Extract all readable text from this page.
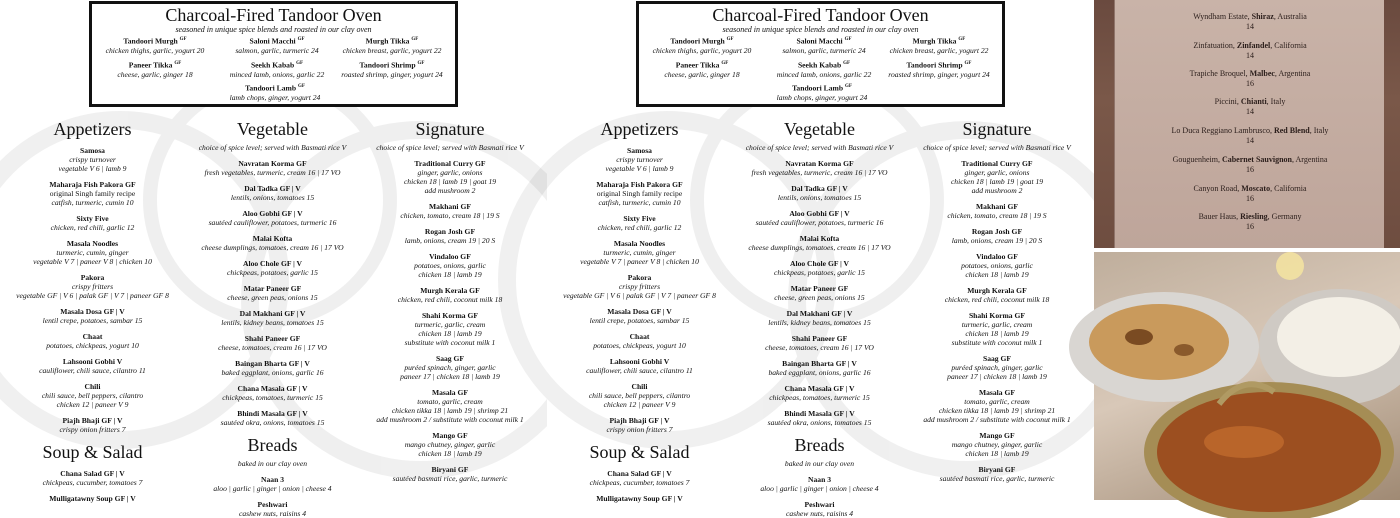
Charcoal-Fired Tandoor Oven
seasoned in unique spice blends and roasted in our clay oven
Tandoori Murgh $^{GF}$
chicken thighs, garlic, yogurt 20
Saloni Macchi $^{GF}$
salmon, garlic, turmeric 24
Murgh Tikka $^{GF}$
chicken breast, garlic, yogurt 22
Paneer Tikka $^{GF}$
cheese, garlic, ginger 18
Seekh Kabab $^{GF}$
minced lamb, onions, garlic 22
Tandoori Shrimp $^{GF}$
roasted shrimp, ginger, yogurt 24
Tandoori Lamb $^{GF}$
lamb chops, ginger, yogurt 24
Appetizers
Samosa
crispy turnover
vegetable V 6 | lamb 9
Maharaja Fish Pakora GF
original Singh family recipe
catfish, turmeric, cumin 10
Sixty Five
chicken, red chili, garlic 12
Masala Noodles
turmeric, cumin, ginger
vegetable V 7 | paneer V 8 | chicken 10
Pakora
crispy fritters
vegetable GF | V 6 | palak GF | V 7 | paneer GF 8
Masala Dosa GF | V
lentil crepe, potatoes, sambar 15
Chaat
potatoes, chickpeas, yogurt 10
Lahsooni Gobhi V
cauliflower, chili sauce, cilantro 11
Chili
chili sauce, bell peppers, cilantro
chicken 12 | paneer V 9
Piajh Bhaji GF | V
crispy onion fritters 7
Soup & Salad
Chana Salad GF | V
chickpeas, cucumber, tomatoes 7
Mulligatawny Soup GF | V
Vegetable
choice of spice level; served with Basmati rice V
Navratan Korma GF
fresh vegetables, turmeric, cream 16 | 17 VO
Dal Tadka GF | V
lentils, onions, tomatoes 15
Aloo Gobhi GF | V
sautéed cauliflower, potatoes, turmeric 16
Malai Kofta
cheese dumplings, tomatoes, cream 16 | 17 VO
Aloo Chole GF | V
chickpeas, potatoes, garlic 15
Matar Paneer GF
cheese, green peas, onions 15
Dal Makhani GF | V
lentils, kidney beans, tomatoes 15
Shahi Paneer GF
cheese, tomatoes, cream 16 | 17 VO
Baingan Bharta GF | V
baked eggplant, onions, garlic 16
Chana Masala GF | V
chickpeas, tomatoes, turmeric 15
Bhindi Masala GF | V
sautéed okra, onions, tomatoes 15
Breads
baked in our clay oven
Naan 3
aloo | garlic | ginger | onion | cheese 4
Peshwari
cashew nuts, raisins 4
Signature
choice of spice level; served with Basmati rice V
Traditional Curry GF
ginger, garlic, onions
chicken 18 | lamb 19 | goat 19
add mushroom 2
Makhani GF
chicken, tomato, cream 18 | 19 S
Rogan Josh GF
lamb, onions, cream 19 | 20 S
Vindaloo GF
potatoes, onions, garlic
chicken 18 | lamb 19
Murgh Kerala GF
chicken, red chili, coconut milk 18
Shahi Korma GF
turmeric, garlic, cream
chicken 18 | lamb 19
substitute with coconut milk 1
Saag GF
puréed spinach, ginger, garlic
paneer 17 | chicken 18 | lamb 19
Masala GF
tomato, garlic, cream
chicken tikka 18 | lamb 19 | shrimp 21
add mushroom 2 / substitute with coconut milk 1
Mango GF
mango chutney, ginger, garlic
chicken 18 | lamb 19
Biryani GF
sautéed basmati rice, garlic, turmeric
Charcoal-Fired Tandoor Oven
seasoned in unique spice blends and roasted in our clay oven
Tandoori Murgh $^{GF}$
chicken thighs, garlic, yogurt 20
Saloni Macchi $^{GF}$
salmon, garlic, turmeric 24
Murgh Tikka $^{GF}$
chicken breast, garlic, yogurt 22
Paneer Tikka $^{GF}$
cheese, garlic, ginger 18
Seekh Kabab $^{GF}$
minced lamb, onions, garlic 22
Tandoori Shrimp $^{GF}$
roasted shrimp, ginger, yogurt 24
Tandoori Lamb $^{GF}$
lamb chops, ginger, yogurt 24
Appetizers
Samosa
crispy turnover
vegetable V 6 | lamb 9
Maharaja Fish Pakora GF
original Singh family recipe
catfish, turmeric, cumin 10
Sixty Five
chicken, red chili, garlic 12
Masala Noodles
turmeric, cumin, ginger
vegetable V 7 | paneer V 8 | chicken 10
Pakora
crispy fritters
vegetable GF | V 6 | palak GF | V 7 | paneer GF 8
Masala Dosa GF | V
lentil crepe, potatoes, sambar 15
Chaat
potatoes, chickpeas, yogurt 10
Lahsooni Gobhi V
cauliflower, chili sauce, cilantro 11
Chili
chili sauce, bell peppers, cilantro
chicken 12 | paneer V 9
Piajh Bhaji GF | V
crispy onion fritters 7
Soup & Salad
Chana Salad GF | V
chickpeas, cucumber, tomatoes 7
Mulligatawny Soup GF | V
Vegetable
choice of spice level; served with Basmati rice V
Navratan Korma GF
fresh vegetables, turmeric, cream 16 | 17 VO
Dal Tadka GF | V
lentils, onions, tomatoes 15
Aloo Gobhi GF | V
sautéed cauliflower, potatoes, turmeric 16
Malai Kofta
cheese dumplings, tomatoes, cream 16 | 17 VO
Aloo Chole GF | V
chickpeas, potatoes, garlic 15
Matar Paneer GF
cheese, green peas, onions 15
Dal Makhani GF | V
lentils, kidney beans, tomatoes 15
Shahi Paneer GF
cheese, tomatoes, cream 16 | 17 VO
Baingan Bharta GF | V
baked eggplant, onions, garlic 16
Chana Masala GF | V
chickpeas, tomatoes, turmeric 15
Bhindi Masala GF | V
sautéed okra, onions, tomatoes 15
Breads
baked in our clay oven
Naan 3
aloo | garlic | ginger | onion | cheese 4
Peshwari
cashew nuts, raisins 4
Signature
choice of spice level; served with Basmati rice V
Traditional Curry GF
ginger, garlic, onions
chicken 18 | lamb 19 | goat 19
add mushroom 2
Makhani GF
chicken, tomato, cream 18 | 19 S
Rogan Josh GF
lamb, onions, cream 19 | 20 S
Vindaloo GF
potatoes, onions, garlic
chicken 18 | lamb 19
Murgh Kerala GF
chicken, red chili, coconut milk 18
Shahi Korma GF
turmeric, garlic, cream
chicken 18 | lamb 19
substitute with coconut milk 1
Saag GF
puréed spinach, ginger, garlic
paneer 17 | chicken 18 | lamb 19
Masala GF
tomato, garlic, cream
chicken tikka 18 | lamb 19 | shrimp 21
add mushroom 2 / substitute with coconut milk 1
Mango GF
mango chutney, ginger, garlic
chicken 18 | lamb 19
Biryani GF
sautéed basmati rice, garlic, turmeric
Wyndham Estate, Shiraz, Australia
14
Zinfatuation, Zinfandel, California
14
Trapiche Broquel, Malbec, Argentina
16
Piccini, Chianti, Italy
14
Lo Duca Reggiano Lambrusco, Red Blend, Italy
14
Gouguenheim, Cabernet Sauvignon, Argentina
16
Canyon Road, Moscato, California
16
Bauer Haus, Riesling, Germany
16
